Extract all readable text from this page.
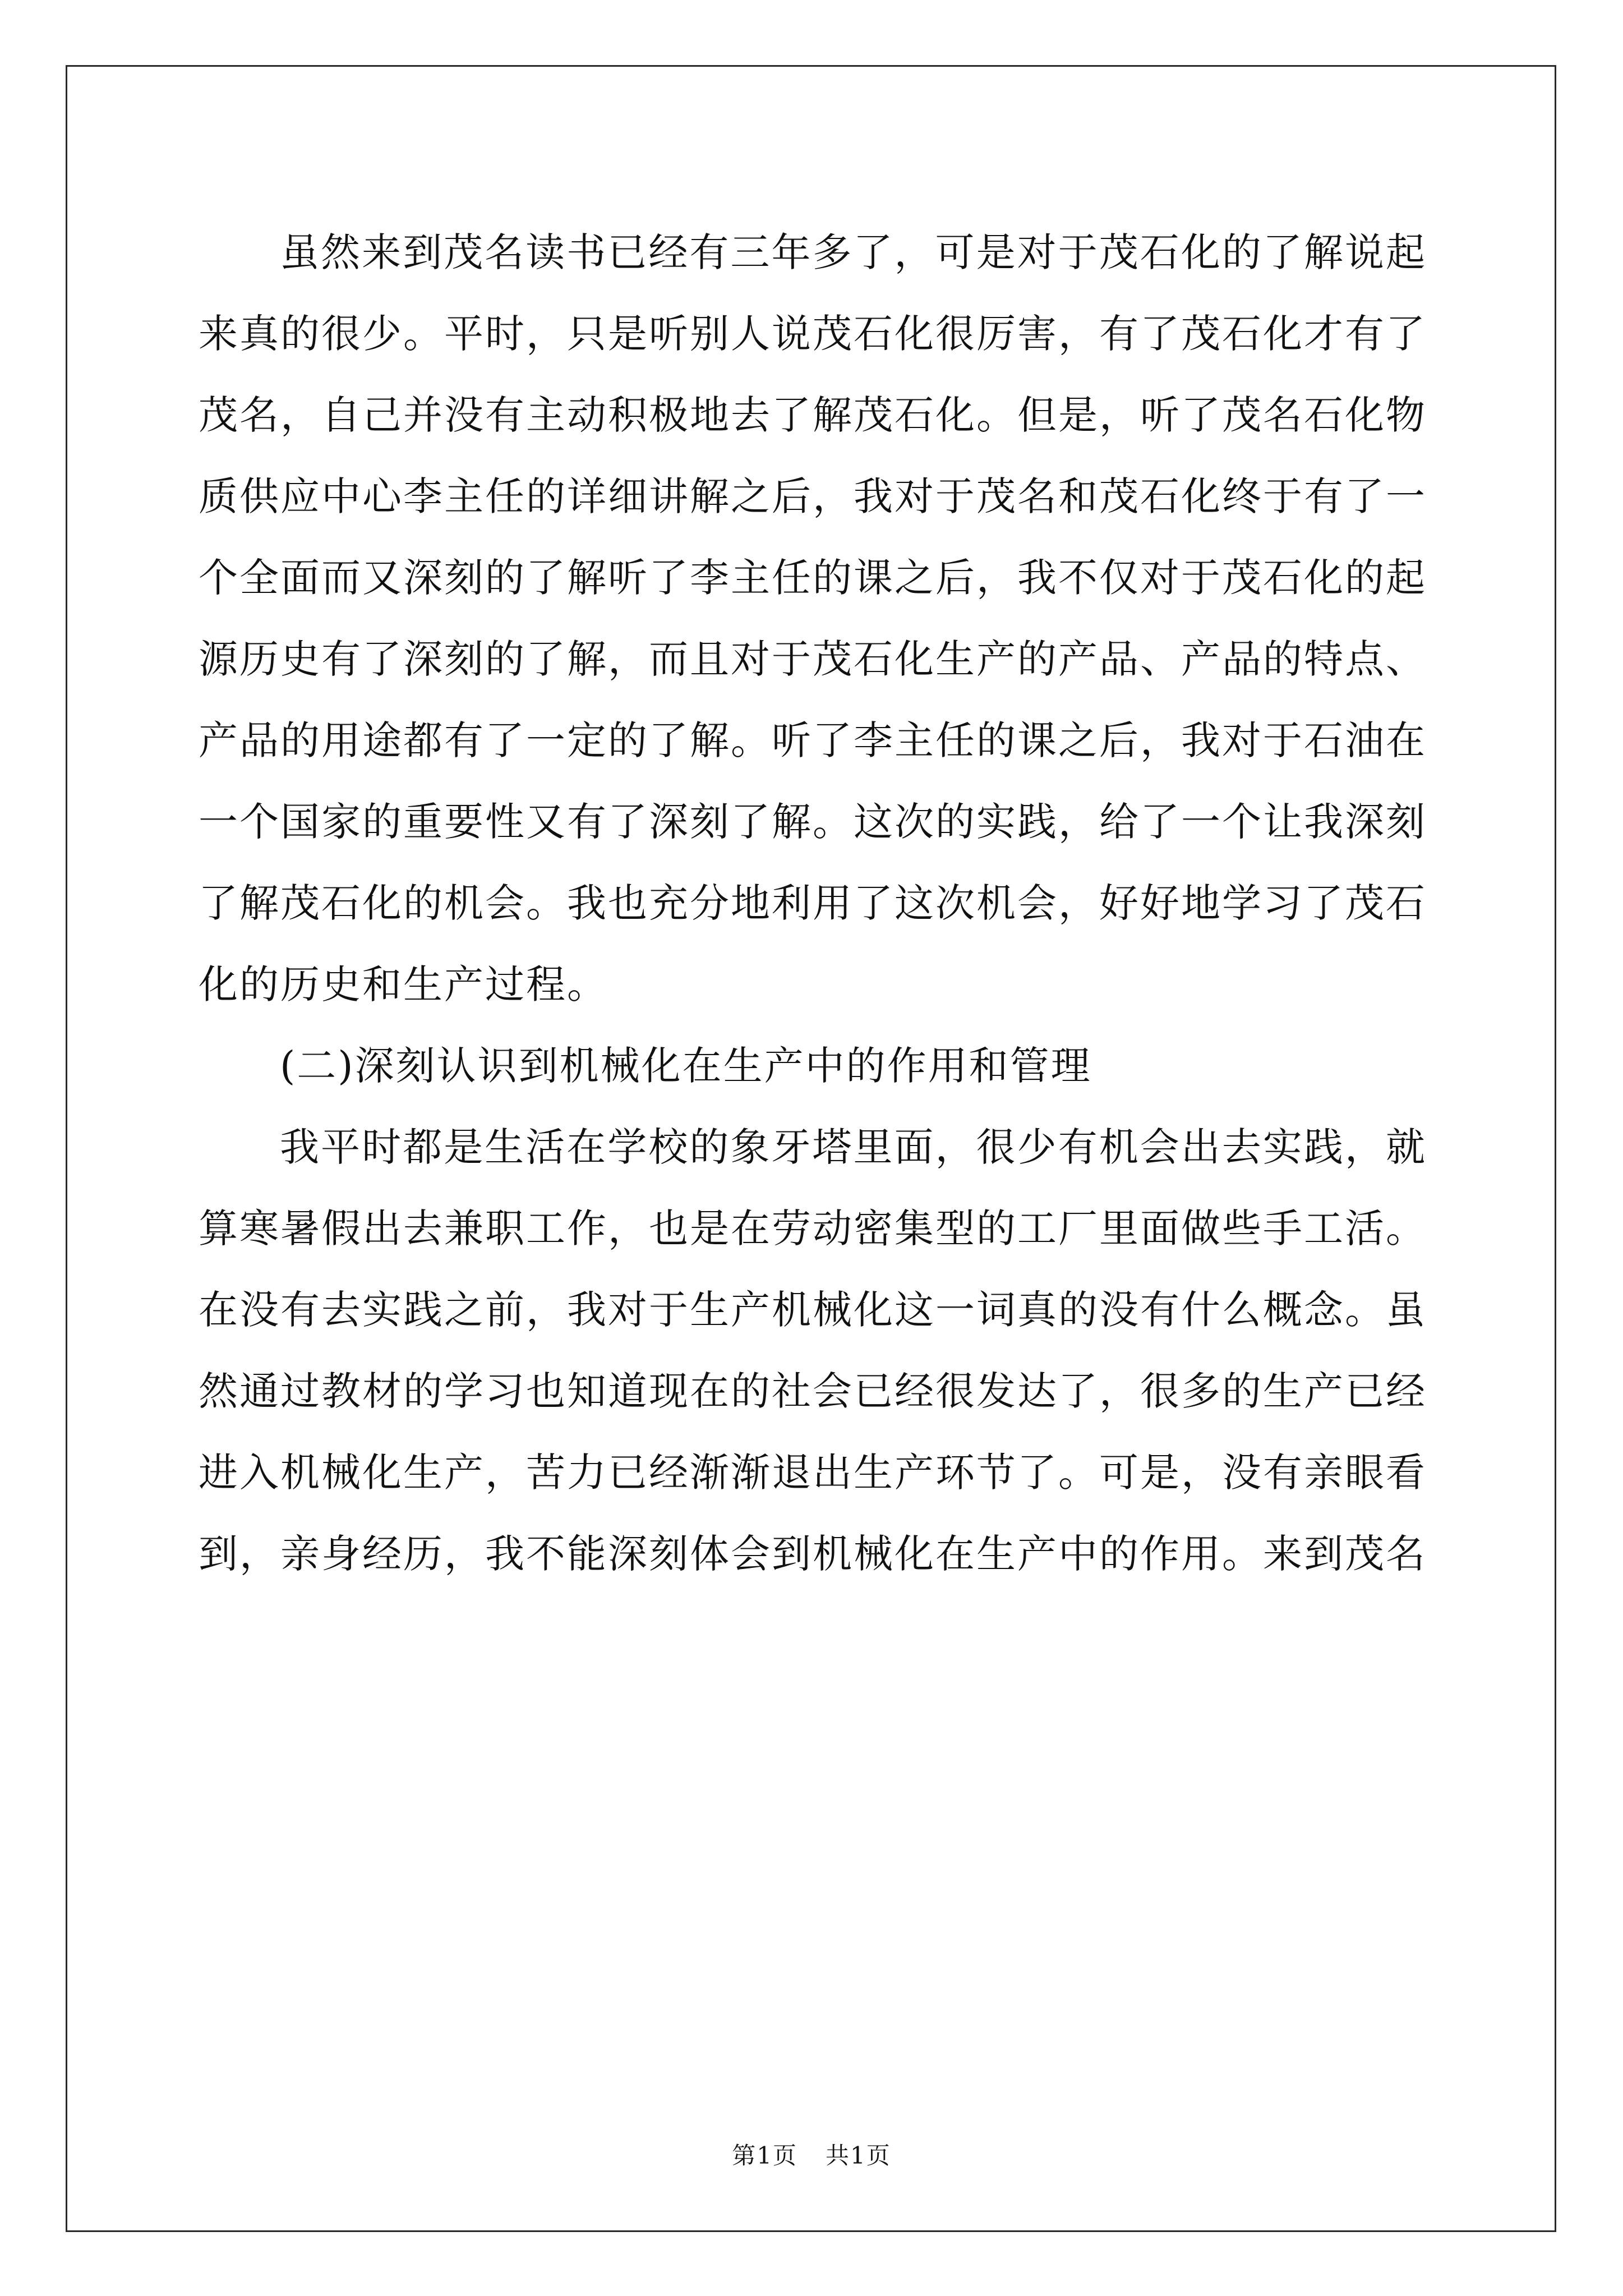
虽然来到茂名读书已经有三年多了，可是对于茂石化的了解说起来真的很少。平时，只是听别人说茂石化很厉害，有了茂石化才有了茂名，自己并没有主动积极地去了解茂石化。但是，听了茂名石化物质供应中心李主任的详细讲解之后，我对于茂名和茂石化终于有了一个全面而又深刻的了解听了李主任的课之后，我不仅对于茂石化的起源历史有了深刻的了解，而且对于茂石化生产的产品、产品的特点、产品的用途都有了一定的了解。听了李主任的课之后，我对于石油在一个国家的重要性又有了深刻了解。这次的实践，给了一个让我深刻了解茂石化的机会。我也充分地利用了这次机会，好好地学习了茂石化的历史和生产过程。

(二)深刻认识到机械化在生产中的作用和管理

我平时都是生活在学校的象牙塔里面，很少有机会出去实践，就算寒暑假出去兼职工作，也是在劳动密集型的工厂里面做些手工活。

在没有去实践之前，我对于生产机械化这一词真的没有什么概念。虽然通过教材的学习也知道现在的社会已经很发达了，很多的生产已经进入机械化生产，苦力已经渐渐退出生产环节了。可是，没有亲眼看到，亲身经历，我不能深刻体会到机械化在生产中的作用。来到茂名

第1页 共1页
